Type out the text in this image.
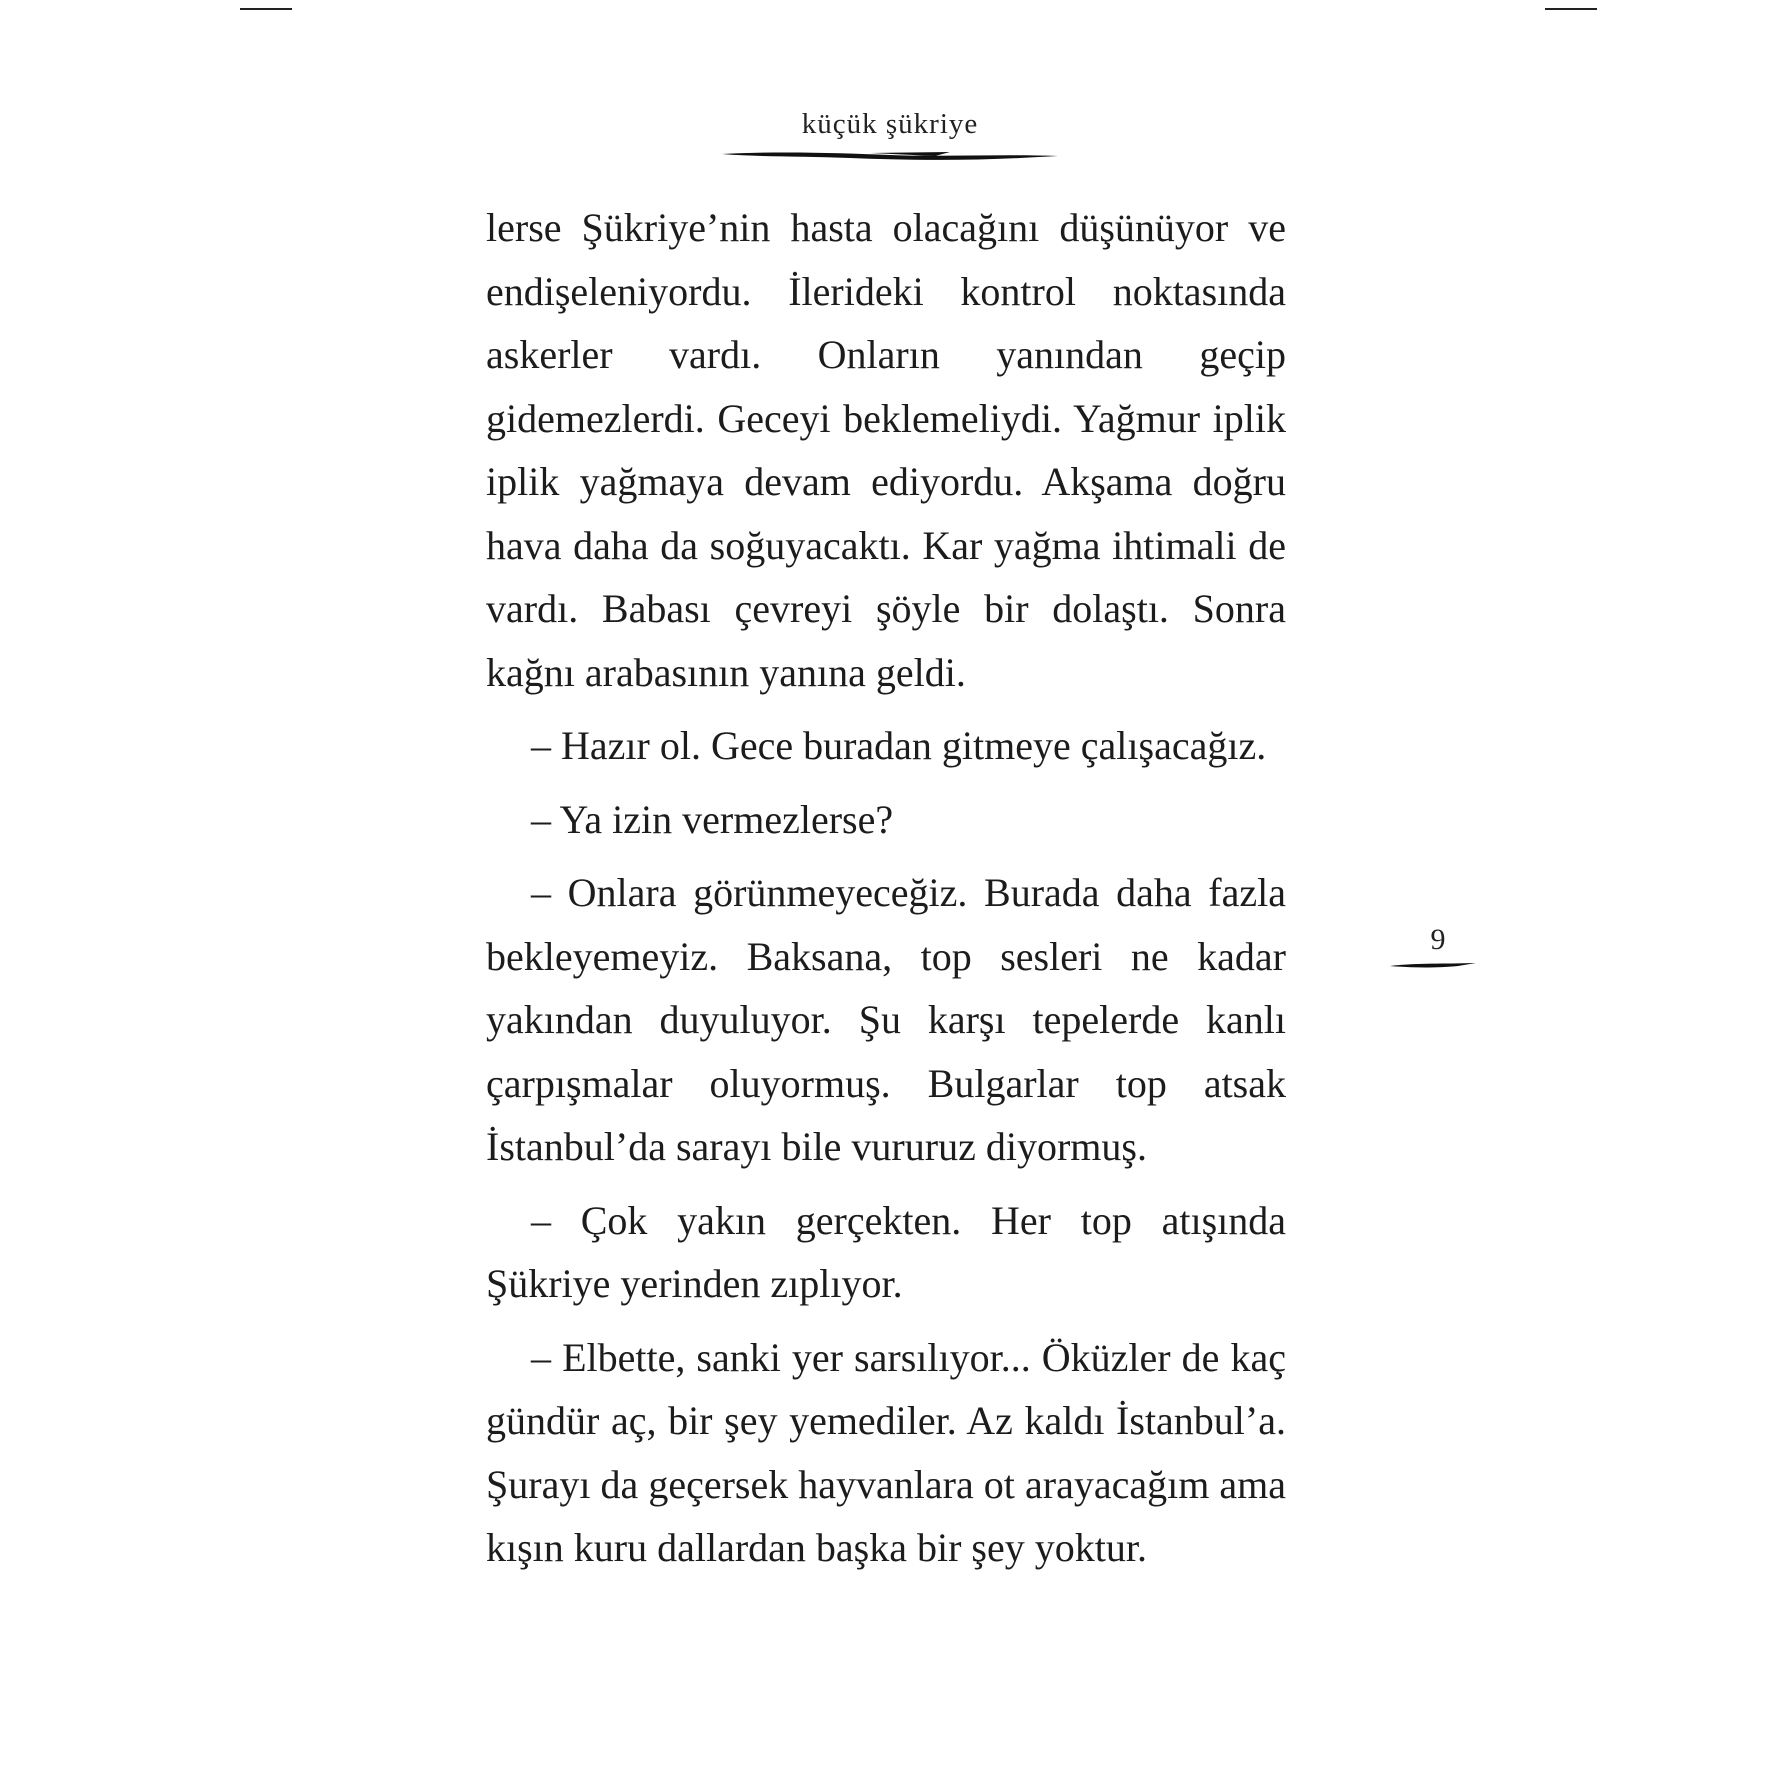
küçük şükriye

lerse Şükriye’nin hasta olacağını düşünüyor ve endişeleniyordu. İlerideki kontrol noktasında askerler vardı. Onların yanından geçip gidemezlerdi. Geceyi beklemeliydi. Yağmur iplik iplik yağmaya devam ediyordu. Akşama doğru hava daha da soğuyacaktı. Kar yağma ihtimali de vardı. Babası çevreyi şöyle bir dolaştı. Sonra kağnı arabasının yanına geldi.

– Hazır ol. Gece buradan gitmeye çalışacağız.

– Ya izin vermezlerse?

– Onlara görünmeyeceğiz. Burada daha fazla bekleyemeyiz. Baksana, top sesleri ne kadar yakından duyuluyor. Şu karşı tepelerde kanlı çarpışmalar oluyormuş. Bulgarlar top atsak İstanbul’da sarayı bile vururuz diyormuş.

– Çok yakın gerçekten. Her top atışında Şükriye yerinden zıplıyor.

– Elbette, sanki yer sarsılıyor... Öküzler de kaç gündür aç, bir şey yemediler. Az kaldı İstanbul’a. Şurayı da geçersek hayvanlara ot arayacağım ama kışın kuru dallardan başka bir şey yoktur.

9
